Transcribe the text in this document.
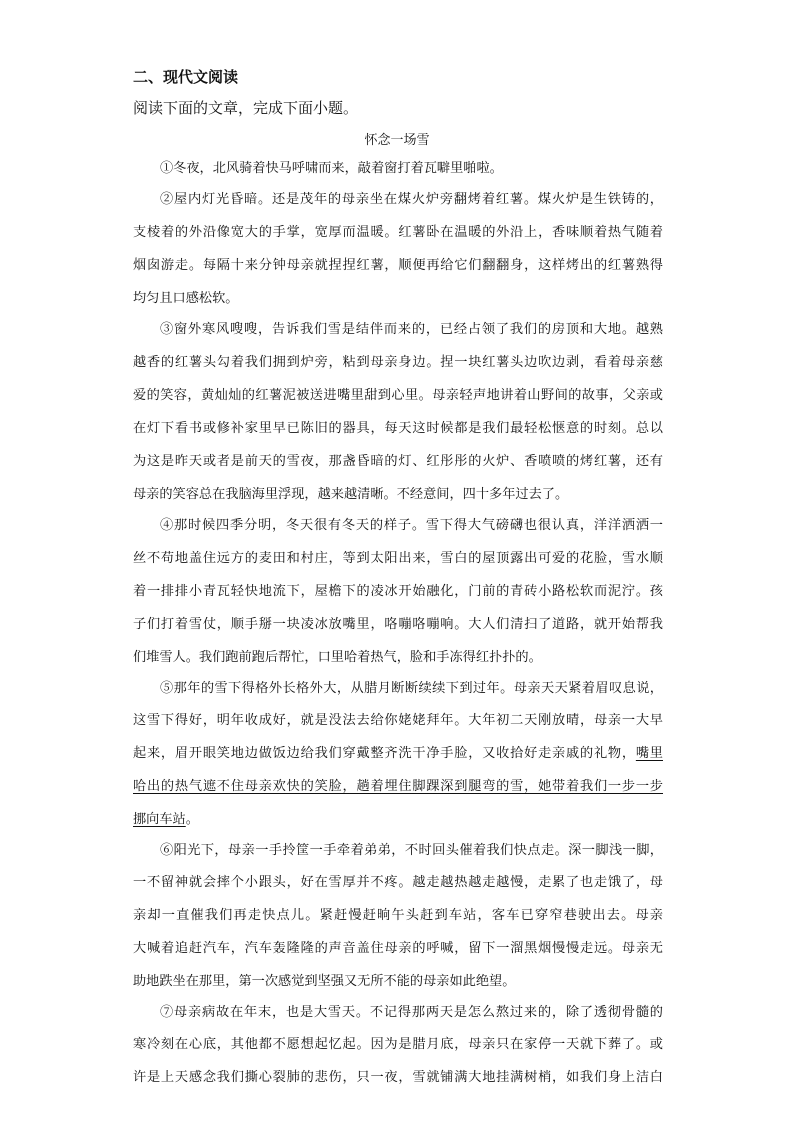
二、现代文阅读
阅读下面的文章，完成下面小题。
怀念一场雪
①冬夜，北风骑着快马呼啸而来，敲着窗打着瓦噼里啪啦。
②屋内灯光昏暗。还是茂年的母亲坐在煤火炉旁翻烤着红薯。煤火炉是生铁铸的，
支棱着的外沿像宽大的手掌，宽厚而温暖。红薯卧在温暖的外沿上，香味顺着热气随着
烟囱游走。每隔十来分钟母亲就捏捏红薯，顺便再给它们翻翻身，这样烤出的红薯熟得
均匀且口感松软。
③窗外寒风嗖嗖，告诉我们雪是结伴而来的，已经占领了我们的房顶和大地。越熟
越香的红薯头勾着我们拥到炉旁，粘到母亲身边。捏一块红薯头边吹边剥，看着母亲慈
爱的笑容，黄灿灿的红薯泥被送进嘴里甜到心里。母亲轻声地讲着山野间的故事，父亲或
在灯下看书或修补家里早已陈旧的器具，每天这时候都是我们最轻松惬意的时刻。总以
为这是昨天或者是前天的雪夜，那盏昏暗的灯、红彤彤的火炉、香喷喷的烤红薯，还有
母亲的笑容总在我脑海里浮现，越来越清晰。不经意间，四十多年过去了。
④那时候四季分明，冬天很有冬天的样子。雪下得大气磅礴也很认真，洋洋洒洒一
丝不苟地盖住远方的麦田和村庄，等到太阳出来，雪白的屋顶露出可爱的花脸，雪水顺
着一排排小青瓦轻快地流下，屋檐下的凌冰开始融化，门前的青砖小路松软而泥泞。孩
子们打着雪仗，顺手掰一块凌冰放嘴里，咯嘣咯嘣响。大人们清扫了道路，就开始帮我
们堆雪人。我们跑前跑后帮忙，口里哈着热气，脸和手冻得红扑扑的。
⑤那年的雪下得格外长格外大，从腊月断断续续下到过年。母亲天天紧着眉叹息说，
这雪下得好，明年收成好，就是没法去给你姥姥拜年。大年初二天刚放晴，母亲一大早
起来，眉开眼笑地边做饭边给我们穿戴整齐洗干净手脸，又收拾好走亲戚的礼物，嘴里
哈出的热气遮不住母亲欢快的笑脸，趟着埋住脚踝深到腿弯的雪，她带着我们一步一步
挪向车站。
⑥阳光下，母亲一手拎筐一手牵着弟弟，不时回头催着我们快点走。深一脚浅一脚，
一不留神就会摔个小跟头，好在雪厚并不疼。越走越热越走越慢，走累了也走饿了，母
亲却一直催我们再走快点儿。紧赶慢赶晌午头赶到车站，客车已穿窄巷驶出去。母亲
大喊着追赶汽车，汽车轰隆隆的声音盖住母亲的呼喊，留下一溜黑烟慢慢走远。母亲无
助地跌坐在那里，第一次感觉到坚强又无所不能的母亲如此绝望。
⑦母亲病故在年末，也是大雪天。不记得那两天是怎么熬过来的，除了透彻骨髓的
寒冷刻在心底，其他都不愿想起忆起。因为是腊月底，母亲只在家停一天就下葬了。或
许是上天感念我们撕心裂肺的悲伤，只一夜，雪就铺满大地挂满树梢，如我们身上洁白
